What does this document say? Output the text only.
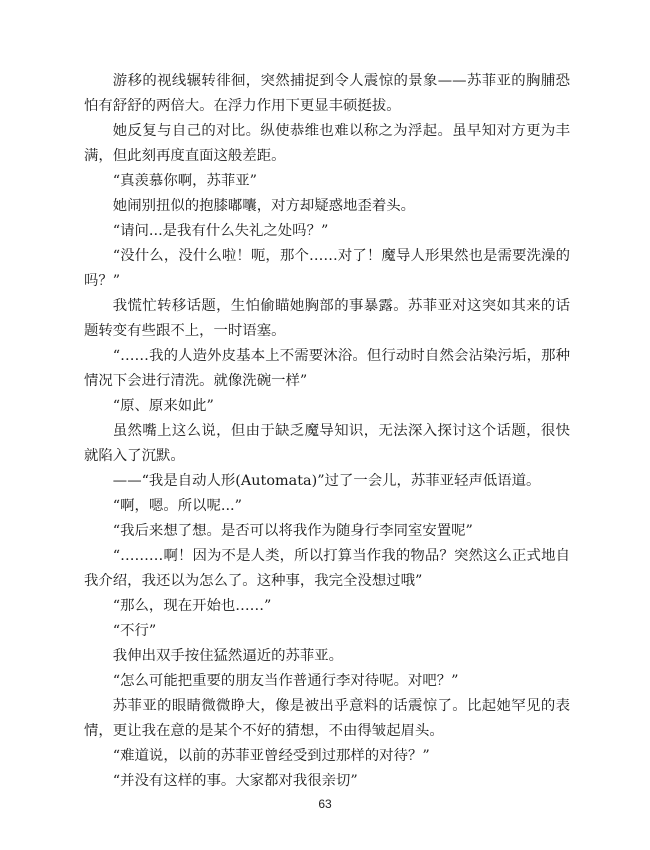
游移的视线辗转徘徊，突然捕捉到令人震惊的景象——苏菲亚的胸脯恐怕有舒舒的两倍大。在浮力作用下更显丰硕挺拔。

她反复与自己的对比。纵使恭维也难以称之为浮起。虽早知对方更为丰满，但此刻再度直面这般差距。

“真羡慕你啊，苏菲亚”

她闹别扭似的抱膝嘟囔，对方却疑惑地歪着头。

“请问...是我有什么失礼之处吗？”

“没什么，没什么啦！呃，那个……对了！魔导人形果然也是需要洗澡的吗？”

我慌忙转移话题，生怕偷瞄她胸部的事暴露。苏菲亚对这突如其来的话题转变有些跟不上，一时语塞。

“……我的人造外皮基本上不需要沐浴。但行动时自然会沾染污垢，那种情况下会进行清洗。就像洗碗一样”

“原、原来如此”

虽然嘴上这么说，但由于缺乏魔导知识，无法深入探讨这个话题，很快就陷入了沉默。

——“我是自动人形(Automata)”过了一会儿，苏菲亚轻声低语道。

“啊，嗯。所以呢...”

“我后来想了想。是否可以将我作为随身行李同室安置呢”

“………啊！因为不是人类，所以打算当作我的物品？突然这么正式地自我介绍，我还以为怎么了。这种事，我完全没想过哦”

“那么，现在开始也……”

“不行”

我伸出双手按住猛然逼近的苏菲亚。

“怎么可能把重要的朋友当作普通行李对待呢。对吧？”

苏菲亚的眼睛微微睁大，像是被出乎意料的话震惊了。比起她罕见的表情，更让我在意的是某个不好的猜想，不由得皱起眉头。

“难道说，以前的苏菲亚曾经受到过那样的对待？”

“并没有这样的事。大家都对我很亲切”

63
